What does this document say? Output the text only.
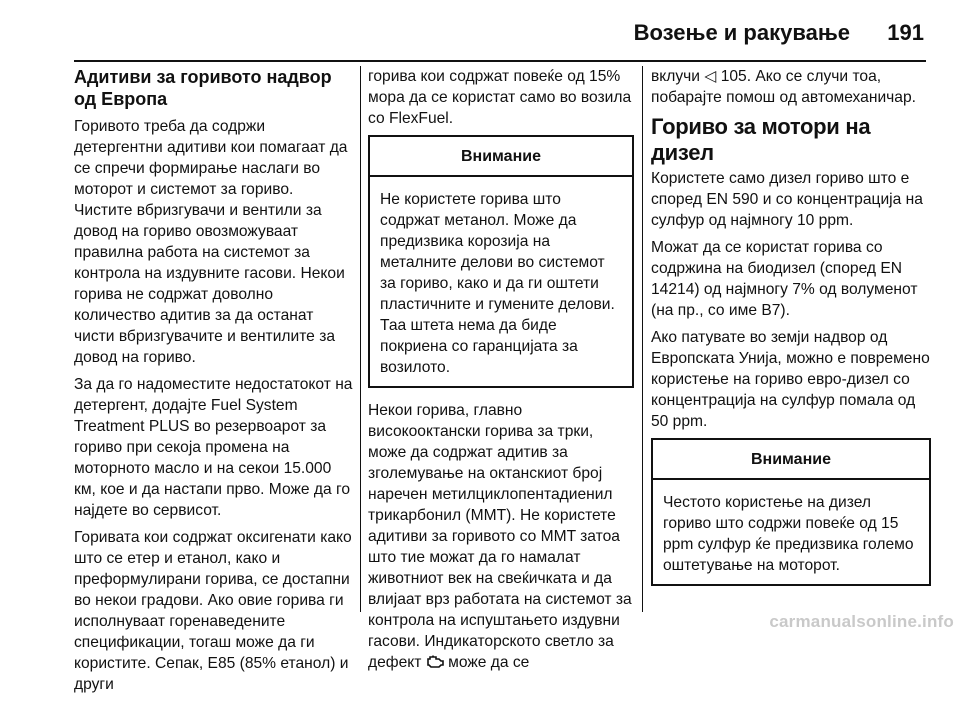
Возење и ракување 191
Адитиви за горивото надвор од Европа

Горивото треба да содржи детергентни адитиви кои помагаат да се спречи формирање наслаги во моторот и системот за гориво. Чистите вбризгувачи и вентили за довод на гориво овозможуваат правилна работа на системот за контрола на издувните гасови. Некои горива не содржат доволно количество адитив за да останат чисти вбризгувачите и вентилите за довод на гориво.

За да го надоместите недостатокот на детергент, додајте Fuel System Treatment PLUS во резервоарот за гориво при секоја промена на моторното масло и на секои 15.000 км, кое и да настапи прво. Може да го најдете во сервисот.

Горивата кои содржат оксигенати како што се етер и етанол, како и преформулирани горива, се достапни во некои градови. Ако овие горива ги исполнуваат горенаведените спецификации, тогаш може да ги користите. Сепак, Е85 (85% етанол) и други

горива кои содржат повеќе од 15% мора да се користат само во возила со FlexFuel.

Внимание
Не користете горива што содржат метанол. Може да предизвика корозија на металните делови во системот за гориво, како и да ги оштети пластичните и гумените делови. Таа штета нема да биде покриена со гаранцијата за возилото.

Некои горива, главно високооктански горива за трки, може да содржат адитив за зголемување на октанскиот број наречен метилциклопентадиенил трикарбонил (MMT). Не користете адитиви за горивото со MMT затоа што тие можат да го намалат животниот век на свеќичката и да влијаат врз работата на системот за контрола на испуштањето издувни гасови. Индикаторското светло за дефект може да се

вклучи ◁ 105. Ако се случи тоа, побарајте помош од автомеханичар.

Гориво за мотори на дизел

Користете само дизел гориво што е според EN 590 и со концентрација на сулфур од најмногу 10 ppm.

Можат да се користат горива со содржина на биодизел (според EN 14214) од најмногу 7% од волуменот (на пр., со име B7).

Ако патувате во земји надвор од Европската Унија, можно е повремено користење на гориво евро-дизел со концентрација на сулфур помала од 50 ppm.

Внимание
Честото користење на дизел гориво што содржи повеќе од 15 ppm сулфур ќе предизвика големо оштетување на моторот.
carmanualsonline.info
